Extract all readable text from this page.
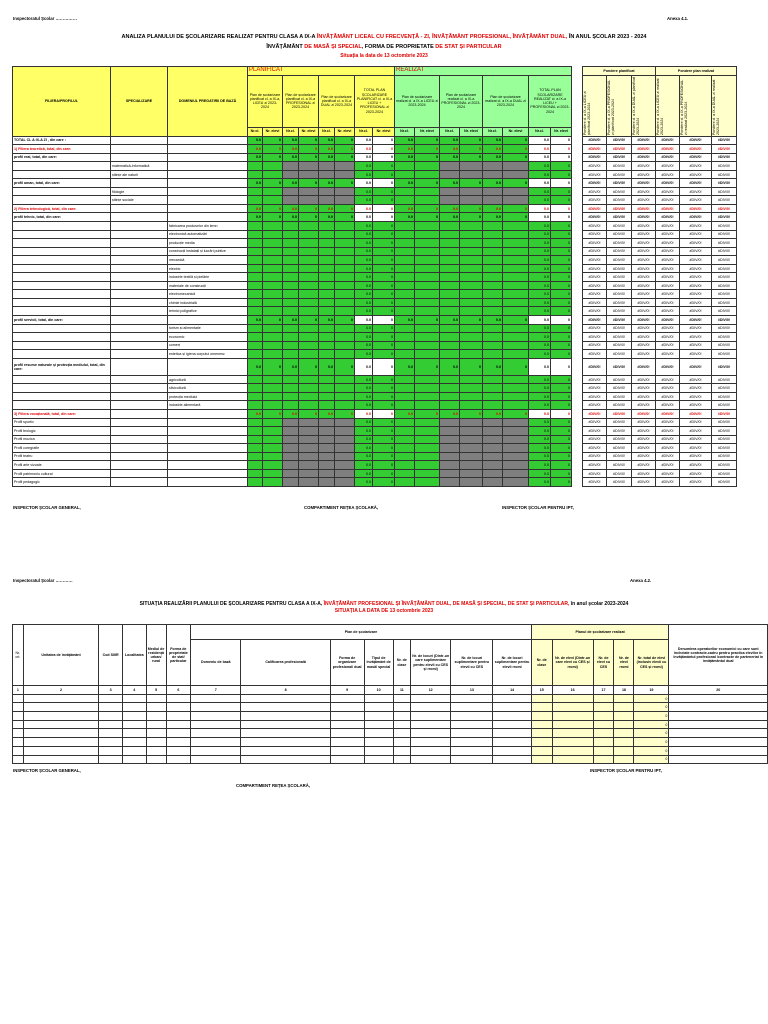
Inspectoratul Școlar ……………	Anexa 4.1.
ANALIZA PLANULUI DE ȘCOLARIZARE REALIZAT PENTRU CLASA A IX-A ÎNVĂȚĂMÂNT LICEAL CU FRECVENȚĂ - ZI, ÎNVĂȚĂMÂNT PROFESIONAL, ÎNVĂȚĂMÂNT DUAL, ÎN ANUL ȘCOLAR 2023 - 2024
ÎNVĂȚĂMÂNT DE MASĂ ȘI SPECIAL, FORMA DE PROPRIETATE DE STAT ȘI PARTICULAR
Situația la data de 13 octombrie 2023
FILIERA/PROFILUL	SPECIALIZARE	DOMENIUL PREGATIRII DE BAZĂ	PLANIFICAT								REALIZAT									Pondere planificat			Pondere plan realizat		
			Plan de școlarizare planificat cl. a IX-a, LICEU zi 2023-2024		Plan de școlarizare planificat cl. a IX-a PROFESIONAL zi 2023-2024		Plan de școlarizare planificat cl. a IX-a DUAL zi 2023-2024		TOTAL PLAN ȘCOLARIZARE PLANIFICAT cl. a IX-a LICEU + PROFESIONAL zi 2023-2024		Plan de școlarizare realizat cl. a IX-a LICEU zi 2023-2024		Plan de școlarizare realizat cl. a IX-a PROFESIONAL zi 2023-2024		Plan de școlarizare realizat cl. a IX-a DUAL zi 2023-2024		TOTAL PLAN ȘCOLARIZARE REALIZAT cl. a IX-a LICEU + PROFESIONAL zi 2023-2024			Pondere cl. a IX-a LICEU zi planificat 2023-2024	Pondere cl. a IX-a PROFESIONAL zi planificat 2023-2024	Pondere cl. a IX-a DUAL zi planificat 2023-2024	Pondere cl. a IX-a LICEU zi realizat 2023-2024	Pondere cl. a IX-a PROFESIONAL zi realizat 2023-2024	Pondere cl. a IX-a DUAL zi realizat 2023-2024

			Nr.cl.	Nr. elevi	Nr.cl.	Nr. elevi	Nr.cl.	Nr. elevi	Nr.cl.	Nr. elevi	Nr.cl.	Nr. elevi	Nr.cl.	Nr. elevi	Nr.cl.	Nr. elevi	Nr.cl.	Nr. elevi							
TOTAL CL A IX-A ZI , din care :			0.0	0	0.0	0	0.0	0	0.0	0	0.0	0	0.0	0	0.0	0	0.0	0		#DIV/0!	#DIV/0!	#DIV/0!	#DIV/0!	#DIV/0!	#DIV/0!
1) Filiera teoretică, total, din care:			0.0	0	0.0	0	0.0	0	0.0	0	0.0	0	0.0	0	0.0	0	0.0	0		#DIV/0!	#DIV/0!	#DIV/0!	#DIV/0!	#DIV/0!	#DIV/0!
profil real, total, din care:			0.0	0	0.0	0	0.0	0	0.0	0	0.0	0	0.0	0	0.0	0	0.0	0		#DIV/0!	#DIV/0!	#DIV/0!	#DIV/0!	#DIV/0!	#DIV/0!
	matematică-informatică								0.0	0							0.0	0		#DIV/0!	#DIV/0!	#DIV/0!	#DIV/0!	#DIV/0!	#DIV/0!
	științe ale naturii								0.0	0							0.0	0		#DIV/0!	#DIV/0!	#DIV/0!	#DIV/0!	#DIV/0!	#DIV/0!
profil uman, total, din care:			0.0	0	0.0	0	0.0	0	0.0	0	0.0	0	0.0	0	0.0	0	0.0	0		#DIV/0!	#DIV/0!	#DIV/0!	#DIV/0!	#DIV/0!	#DIV/0!
	filologie								0.0	0							0.0	0		#DIV/0!	#DIV/0!	#DIV/0!	#DIV/0!	#DIV/0!	#DIV/0!
	științe sociale								0.0	0							0.0	0		#DIV/0!	#DIV/0!	#DIV/0!	#DIV/0!	#DIV/0!	#DIV/0!
2) Filiera tehnologică, total, din care:			0.0	0	0.0	0	0.0	0	0.0	0	0.0	0	0.0	0	0.0	0	0.0	0		#DIV/0!	#DIV/0!	#DIV/0!	#DIV/0!	#DIV/0!	#DIV/0!
profil tehnic, total, din care:			0.0	0	0.0	0	0.0	0	0.0	0	0.0	0	0.0	0	0.0	0	0.0	0		#DIV/0!	#DIV/0!	#DIV/0!	#DIV/0!	#DIV/0!	#DIV/0!
		fabricarea produselor din lemn							0.0	0							0.0	0		#DIV/0!	#DIV/0!	#DIV/0!	#DIV/0!	#DIV/0!	#DIV/0!
		electronică automatizări							0.0	0							0.0	0		#DIV/0!	#DIV/0!	#DIV/0!	#DIV/0!	#DIV/0!	#DIV/0!
		producție media							0.0	0							0.0	0		#DIV/0!	#DIV/0!	#DIV/0!	#DIV/0!	#DIV/0!	#DIV/0!
		construcții instalații și lucrări publice							0.0	0							0.0	0		#DIV/0!	#DIV/0!	#DIV/0!	#DIV/0!	#DIV/0!	#DIV/0!
		mecanică							0.0	0							0.0	0		#DIV/0!	#DIV/0!	#DIV/0!	#DIV/0!	#DIV/0!	#DIV/0!
		electric							0.0	0							0.0	0		#DIV/0!	#DIV/0!	#DIV/0!	#DIV/0!	#DIV/0!	#DIV/0!
		industrie textilă și pielărie							0.0	0							0.0	0		#DIV/0!	#DIV/0!	#DIV/0!	#DIV/0!	#DIV/0!	#DIV/0!
		materiale de construcții							0.0	0							0.0	0		#DIV/0!	#DIV/0!	#DIV/0!	#DIV/0!	#DIV/0!	#DIV/0!
		electromecanică							0.0	0							0.0	0		#DIV/0!	#DIV/0!	#DIV/0!	#DIV/0!	#DIV/0!	#DIV/0!
		chimie industrială							0.0	0							0.0	0		#DIV/0!	#DIV/0!	#DIV/0!	#DIV/0!	#DIV/0!	#DIV/0!
		tehnici poligrafice							0.0	0							0.0	0		#DIV/0!	#DIV/0!	#DIV/0!	#DIV/0!	#DIV/0!	#DIV/0!
profil servicii, total, din care:			0.0	0	0.0	0	0.0	0	0.0	0	0.0	0	0.0	0	0.0	0	0.0	0		#DIV/0!	#DIV/0!	#DIV/0!	#DIV/0!	#DIV/0!	#DIV/0!
		turism și alimentație							0.0	0							0.0	0		#DIV/0!	#DIV/0!	#DIV/0!	#DIV/0!	#DIV/0!	#DIV/0!
		economic							0.0	0							0.0	0		#DIV/0!	#DIV/0!	#DIV/0!	#DIV/0!	#DIV/0!	#DIV/0!
		comerț							0.0	0							0.0	0		#DIV/0!	#DIV/0!	#DIV/0!	#DIV/0!	#DIV/0!	#DIV/0!
		estetica și igiena corpului omenesc							0.0	0							0.0	0		#DIV/0!	#DIV/0!	#DIV/0!	#DIV/0!	#DIV/0!	#DIV/0!
profil resurse naturale și protecția mediului, total, din care:			0.0	0	0.0	0	0.0	0	0.0	0	0.0	0	0.0	0	0.0	0	0.0	0		#DIV/0!	#DIV/0!	#DIV/0!	#DIV/0!	#DIV/0!	#DIV/0!
		agricultură							0.0	0							0.0	0		#DIV/0!	#DIV/0!	#DIV/0!	#DIV/0!	#DIV/0!	#DIV/0!
		silvicultură							0.0	0							0.0	0		#DIV/0!	#DIV/0!	#DIV/0!	#DIV/0!	#DIV/0!	#DIV/0!
		protecția mediului							0.0	0							0.0	0		#DIV/0!	#DIV/0!	#DIV/0!	#DIV/0!	#DIV/0!	#DIV/0!
		industrie alimentară							0.0	0							0.0	0		#DIV/0!	#DIV/0!	#DIV/0!	#DIV/0!	#DIV/0!	#DIV/0!
3) Filiera vocațională, total, din care:			0.0	0	0.0	0	0.0	0	0.0	0	0.0	0	0.0	0	0.0	0	0.0	0		#DIV/0!	#DIV/0!	#DIV/0!	#DIV/0!	#DIV/0!	#DIV/0!
Profil sportiv									0.0	0							0.0	0		#DIV/0!	#DIV/0!	#DIV/0!	#DIV/0!	#DIV/0!	#DIV/0!
Profil teologic									0.0	0							0.0	0		#DIV/0!	#DIV/0!	#DIV/0!	#DIV/0!	#DIV/0!	#DIV/0!
Profil muzica									0.0	0							0.0	0		#DIV/0!	#DIV/0!	#DIV/0!	#DIV/0!	#DIV/0!	#DIV/0!
Profil coregrafie									0.0	0							0.0	0		#DIV/0!	#DIV/0!	#DIV/0!	#DIV/0!	#DIV/0!	#DIV/0!
Profil teatru									0.0	0							0.0	0		#DIV/0!	#DIV/0!	#DIV/0!	#DIV/0!	#DIV/0!	#DIV/0!
Profil arte vizuale									0.0	0							0.0	0		#DIV/0!	#DIV/0!	#DIV/0!	#DIV/0!	#DIV/0!	#DIV/0!
Profil patrimoniu cultural									0.0	0							0.0	0		#DIV/0!	#DIV/0!	#DIV/0!	#DIV/0!	#DIV/0!	#DIV/0!
Profil pedagogic									0.0	0							0.0	0		#DIV/0!	#DIV/0!	#DIV/0!	#DIV/0!	#DIV/0!	#DIV/0!
INSPECTOR ȘCOLAR GENERAL,	COMPARTIMENT REȚEA ȘCOLARĂ,	INSPECTOR ȘCOLAR PENTRU IPT,
Inspectoratul Școlar …………	Anexa 4.2.
SITUAȚIA REALIZĂRII PLANULUI DE ȘCOLARIZARE PENTRU CLASA A IX-A, ÎNVĂȚĂMÂNT PROFESIONAL ȘI ÎNVĂȚĂMÂNT DUAL, DE MASĂ ȘI SPECIAL, DE STAT ȘI PARTICULAR, în anul școlar 2023-2024
SITUAȚIA LA DATA DE 13 octombrie 2023
Nr. crt.	Unitatea de învățământ	Cod SIIIR	Localitatea	Mediul de rezidență urban/ rural	Forma de proprietate de stat/ particular	Plan de școlarizare								Planul de școlarizare realizat					Denumirea operatorilor economici cu care sunt încheiate contracte-cadru pentru practica elevilor în învățământul profesional /contracte de parteneriat în învățământul dual
						Domeniu de bază	Calificarea profesională	Forma de organizare profesional/ dual	Tipul de învățământ de masă/ special	Nr. de clase	Nr. de locuri (Dintr-un care suplimentare pentru elevii cu CES și rromi)	Nr. de locuri suplimentare pentru elevii cu CES	Nr. de locuri suplimentare pentru elevii rromi	Nr. de clase	Nr. de elevi (Dintr-un care elevi cu CES și rromi)	Nr. de elevi cu CES	Nr. de elevi rromi	Nr. total de elevi (inclusiv elevii cu CES și rromi)	
1	2	3	4	5	6	7	8	9	10	11	12	13	14	15	16	17	18	19	20
																		0	
																		0	
																		0	
																		0	
																		0	
																		0	
																		0	
																		0	
INSPECTOR ȘCOLAR GENERAL,	INSPECTOR ȘCOLAR PENTRU IPT,
COMPARTIMENT REȚEA ȘCOLARĂ,
